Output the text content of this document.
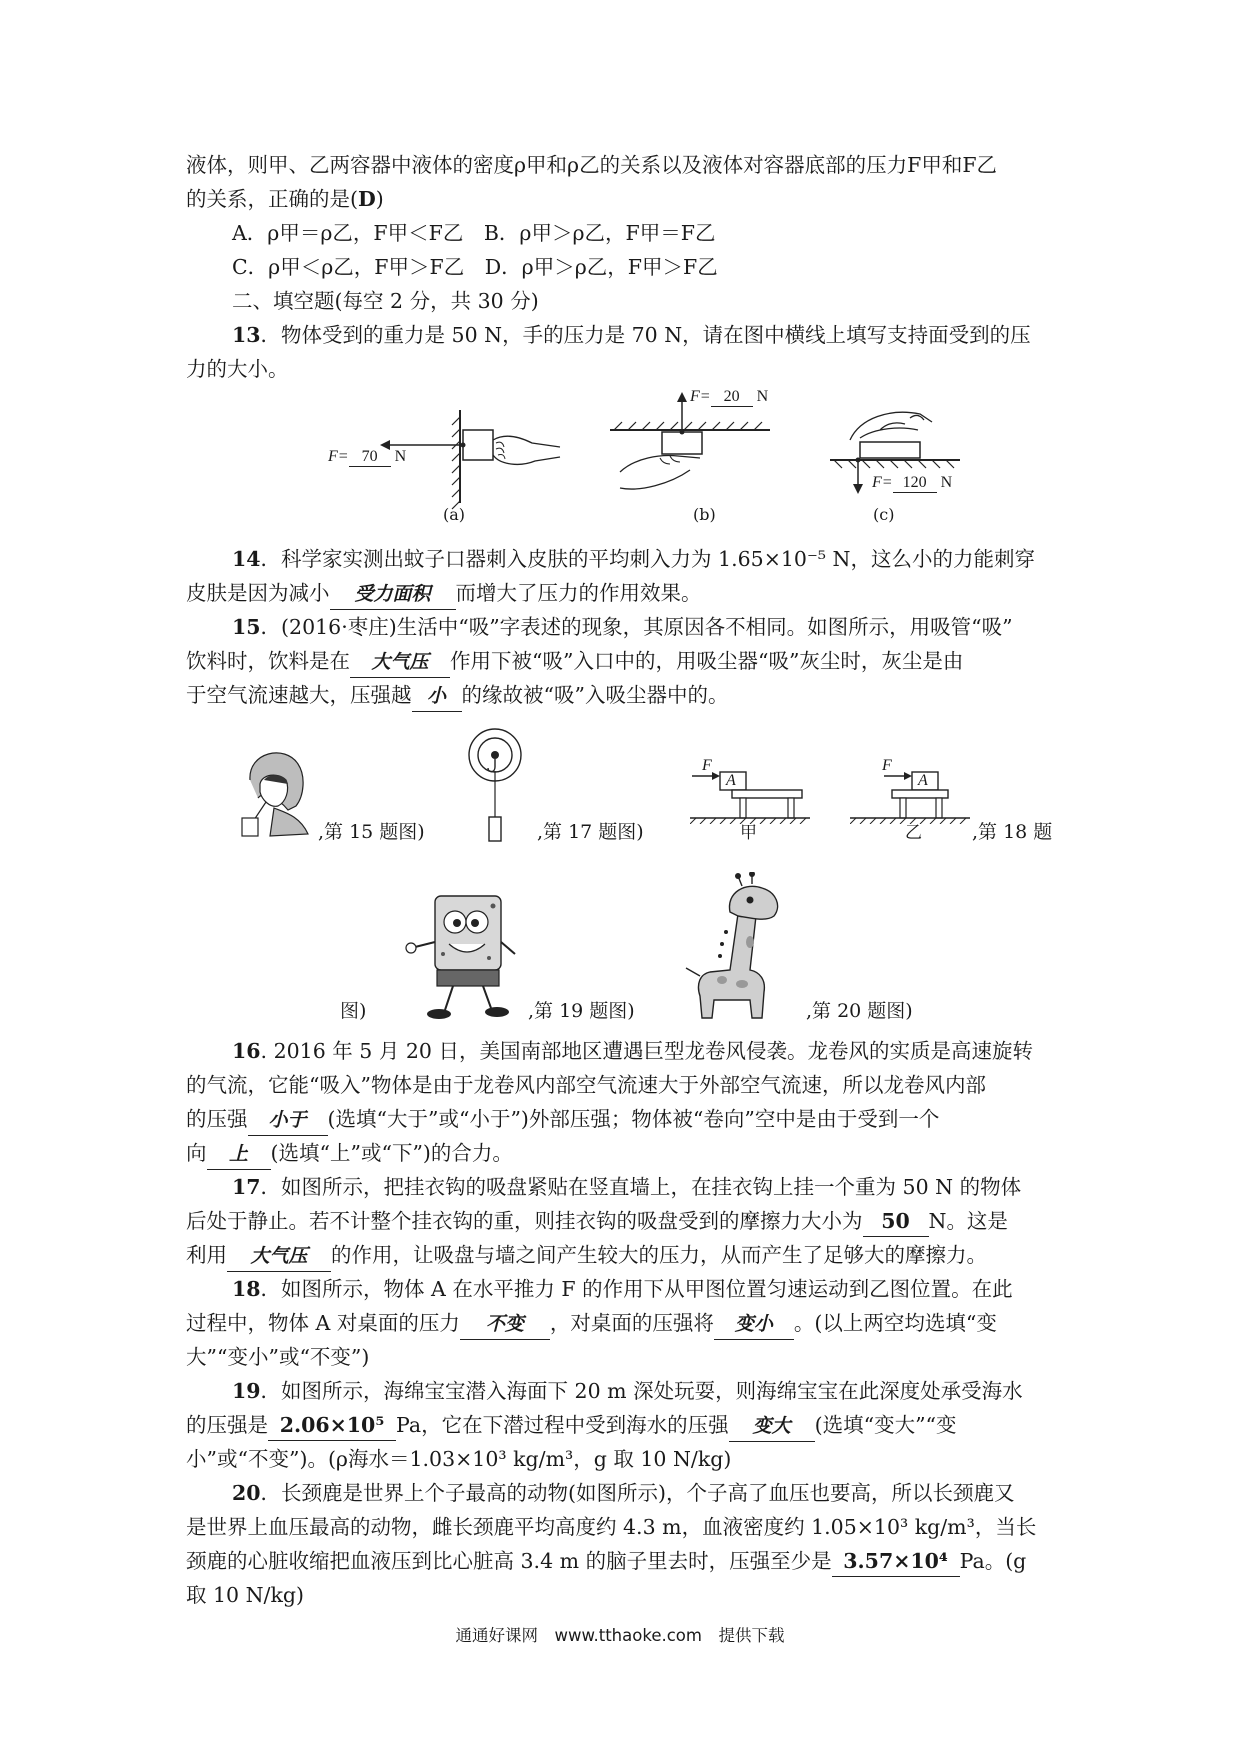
液体，则甲、乙两容器中液体的密度ρ甲和ρ乙的关系以及液体对容器底部的压力F甲和F乙
的关系，正确的是(D)
A．ρ甲＝ρ乙，F甲＜F乙　 B．ρ甲＞ρ乙，F甲＝F乙
C．ρ甲＜ρ乙，F甲＞F乙　 D．ρ甲＞ρ乙，F甲＞F乙
二、填空题(每空 2 分，共 30 分)
13．物体受到的重力是 50 N，手的压力是 70 N，请在图中横线上填写支持面受到的压
力的大小。
F= 70 N
(a)
F= 20 N
(b)
F= 120 N
(c)
14．科学家实测出蚊子口器刺入皮肤的平均刺入力为 1.65×10⁻⁵ N，这么小的力能刺穿
皮肤是因为减小 受力面积 而增大了压力的作用效果。
15．(2016·枣庄)生活中“吸”字表述的现象，其原因各不相同。如图所示，用吸管“吸”
饮料时，饮料是在 大气压 作用下被“吸”入口中的，用吸尘器“吸”灰尘时，灰尘是由
于空气流速越大，压强越 小 的缘故被“吸”入吸尘器中的。
,第 15 题图)	,第 17 题图)
F
A
甲
F
A
乙	,第 18 题
图)	,第 19 题图)	,第 20 题图)
16. 2016 年 5 月 20 日，美国南部地区遭遇巨型龙卷风侵袭。龙卷风的实质是高速旋转
的气流，它能“吸入”物体是由于龙卷风内部空气流速大于外部空气流速，所以龙卷风内部
的压强 小于 (选填“大于”或“小于”)外部压强；物体被“卷向”空中是由于受到一个
向 上 (选填“上”或“下”)的合力。
17．如图所示，把挂衣钩的吸盘紧贴在竖直墙上，在挂衣钩上挂一个重为 50 N 的物体
后处于静止。若不计整个挂衣钩的重，则挂衣钩的吸盘受到的摩擦力大小为 50 N。这是
利用 大气压 的作用，让吸盘与墙之间产生较大的压力，从而产生了足够大的摩擦力。
18．如图所示，物体 A 在水平推力 F 的作用下从甲图位置匀速运动到乙图位置。在此
过程中，物体 A 对桌面的压力 不变 ，对桌面的压强将 变小 。(以上两空均选填“变
大”“变小”或“不变”)
19．如图所示，海绵宝宝潜入海面下 20 m 深处玩耍，则海绵宝宝在此深度处承受海水
的压强是 2.06×10⁵ Pa，它在下潜过程中受到海水的压强 变大 (选填“变大”“变
小”或“不变”)。(ρ海水＝1.03×10³ kg/m³，g 取 10 N/kg)
20．长颈鹿是世界上个子最高的动物(如图所示)，个子高了血压也要高，所以长颈鹿又
是世界上血压最高的动物，雌长颈鹿平均高度约 4.3 m，血液密度约 1.05×10³ kg/m³，当长
颈鹿的心脏收缩把血液压到比心脏高 3.4 m 的脑子里去时，压强至少是 3.57×10⁴ Pa。(g
取 10 N/kg)
通通好课网　www.tthaoke.com　提供下载
